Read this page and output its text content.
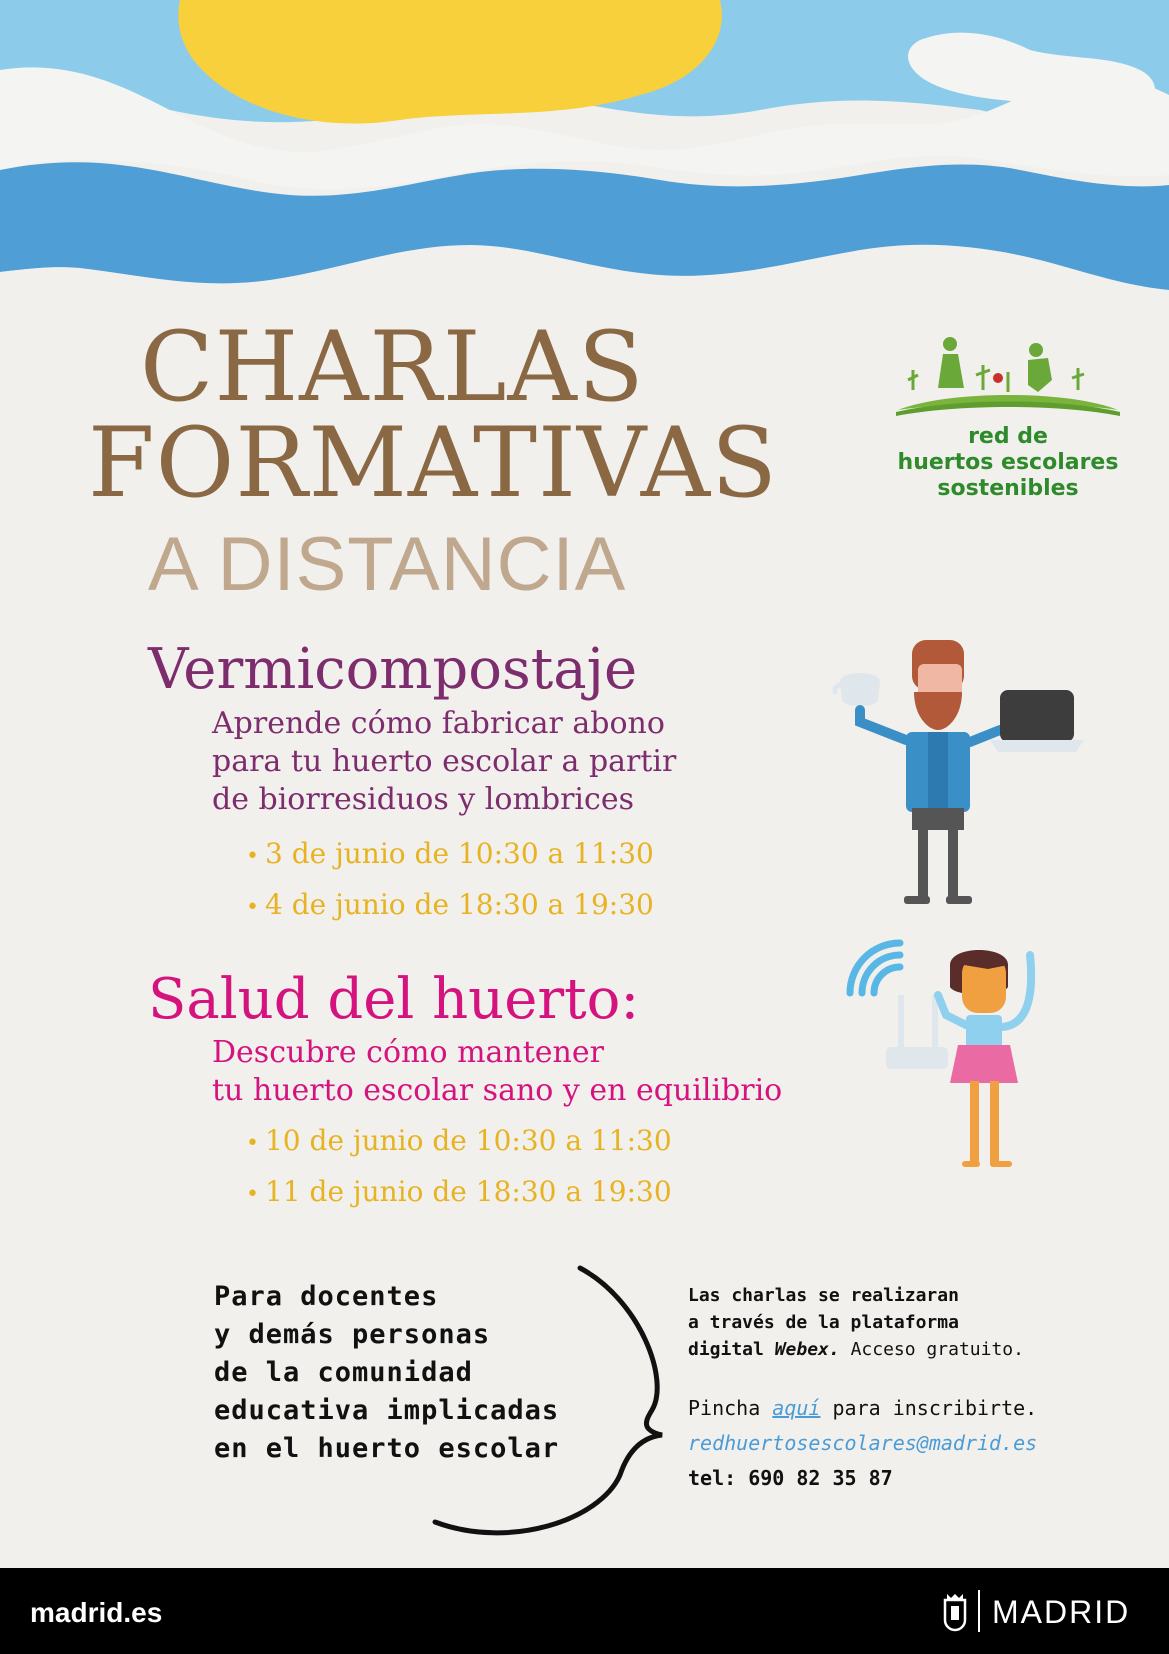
CHARLAS
FORMATIVAS
A DISTANCIA
red de
huertos escolares
sostenibles
Vermicompostaje
Aprende cómo fabricar abono
para tu huerto escolar a partir
de biorresiduos y lombrices
• 3 de junio de 10:30 a 11:30
• 4 de junio de 18:30 a 19:30
Salud del huerto:
Descubre cómo mantener
tu huerto escolar sano y en equilibrio
• 10 de junio de 10:30 a 11:30
• 11 de junio de 18:30 a 19:30
Para docentes
y demás personas
de la comunidad
educativa implicadas
en el huerto escolar
Las charlas se realizaran
a través de la plataforma
digital Webex. Acceso gratuito.
Pincha aquí para inscribirte.
redhuertosescolares@madrid.es
tel: 690 82 35 87
madrid.es	MADRID
